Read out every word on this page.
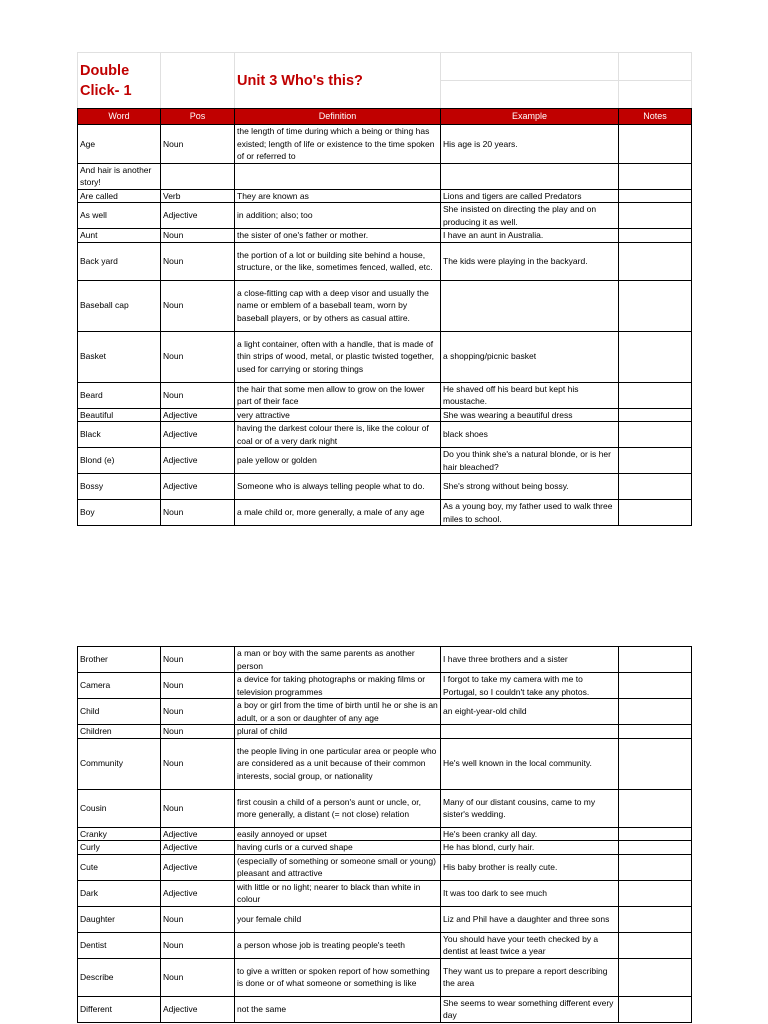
Double
Click- 1		Unit 3 Who's this?		

Word	Pos	Definition	Example	Notes
Age	Noun	the length of time during which a being or thing has existed; length of life or existence to the time spoken of or referred to	His age is 20 years.	
And hair is another story!				
Are called	Verb	They are known as	Lions and tigers are called Predators	
As well	Adjective	in addition; also; too	She insisted on directing the play and on producing it as well.	
Aunt	Noun	the sister of one's father or mother.	I have an aunt in Australia.	
Back yard	Noun	the portion of a lot or building site behind a house, structure, or the like, sometimes fenced, walled, etc.	The kids were playing in the backyard.	
Baseball cap	Noun	a close-fitting cap with a deep visor and usually the name or emblem of a baseball team, worn by baseball players, or by others as casual attire.		
Basket	Noun	a light container, often with a handle, that is made of thin strips of wood, metal, or plastic twisted together, used for carrying or storing things	a shopping/picnic basket	
Beard	Noun	the hair that some men allow to grow on the lower part of their face	He shaved off his beard but kept his moustache.	
Beautiful	Adjective	very attractive	She was wearing a beautiful dress	
Black	Adjective	having the darkest colour there is, like the colour of coal or of a very dark night	black shoes	
Blond (e)	Adjective	pale yellow or golden	Do you think she's a natural blonde, or is her hair bleached?	
Bossy	Adjective	Someone who is always telling people what to do.	She's strong without being bossy.	
Boy	Noun	a male child or, more generally, a male of any age	As a young boy, my father used to walk three miles to school.	
Brother	Noun	a man or boy with the same parents as another person	I have three brothers and a sister	
Camera	Noun	a device for taking photographs or making films or television programmes	I forgot to take my camera with me to Portugal, so I couldn't take any photos.	
Child	Noun	a boy or girl from the time of birth until he or she is an adult, or a son or daughter of any age	an eight-year-old child	
Children	Noun	plural of child		
Community	Noun	the people living in one particular area or people who are considered as a unit because of their common interests, social group, or nationality	He's well known in the local community.	
Cousin	Noun	first cousin a child of a person's aunt or uncle, or, more generally, a distant (= not close) relation	Many of our distant cousins, came to my sister's wedding.	
Cranky	Adjective	easily annoyed or upset	He's been cranky all day.	
Curly	Adjective	having curls or a curved shape	He has blond, curly hair.	
Cute	Adjective	(especially of something or someone small or young) pleasant and attractive	His baby brother is really cute.	
Dark	Adjective	with little or no light; nearer to black than white in colour	It was too dark to see much	
Daughter	Noun	your female child	Liz and Phil have a daughter and three sons	
Dentist	Noun	a person whose job is treating people's teeth	You should have your teeth checked by a dentist at least twice a year	
Describe	Noun	to give a written or spoken report of how something is done or of what someone or something is like	They want us to prepare a report describing the area	
Different	Adjective	not the same	She seems to wear something different every day	
